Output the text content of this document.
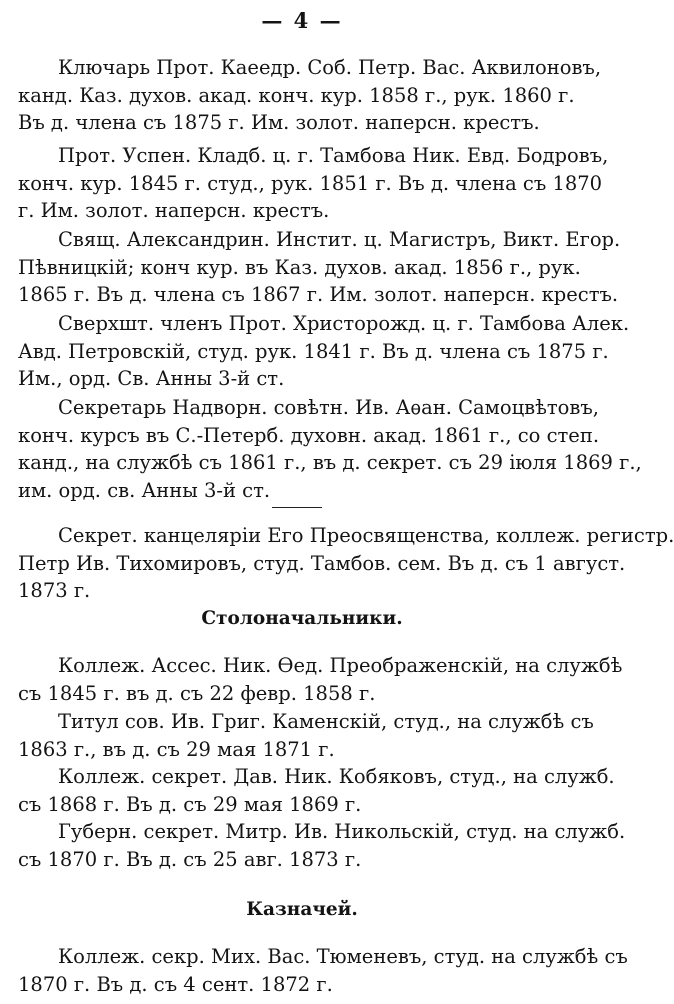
— 4 —
Ключарь Прот. Каеедр. Соб. Петр. Вас. Аквилоновъ,
канд. Каз. духов. акад. конч. кур. 1858 г., рук. 1860 г.
Въ д. члена съ 1875 г. Им. золот. наперсн. крестъ.
Прот. Успен. Кладб. ц. г. Тамбова Ник. Евд. Бодровъ,
конч. кур. 1845 г. студ., рук. 1851 г. Въ д. члена съ 1870
г. Им. золот. наперсн. крестъ.
Свящ. Александрин. Инстит. ц. Магистръ, Викт. Егор.
Пѣвницкій; конч кур. въ Каз. духов. акад. 1856 г., рук.
1865 г. Въ д. члена съ 1867 г. Им. золот. наперсн. крестъ.
Сверхшт. членъ Прот. Христорожд. ц. г. Тамбова Алек.
Авд. Петровскій, студ. рук. 1841 г. Въ д. члена съ 1875 г.
Им., орд. Св. Анны 3-й ст.
Секретарь Надворн. совѣтн. Ив. Аѳан. Самоцвѣтовъ,
конч. курсъ въ С.-Петерб. духовн. акад. 1861 г., со степ.
канд., на службѣ съ 1861 г., въ д. секрет. съ 29 іюля 1869 г.,
им. орд. св. Анны 3-й ст.
Секрет. канцеляріи Его Преосвященства, коллеж. регистр.
Петр Ив. Тихомировъ, студ. Тамбов. сем. Въ д. съ 1 август.
1873 г.
Столоначальники.
Коллеж. Ассес. Ник. Ѳед. Преображенскій, на службѣ
съ 1845 г. въ д. съ 22 февр. 1858 г.
Титул сов. Ив. Григ. Каменскій, студ., на службѣ съ
1863 г., въ д. съ 29 мая 1871 г.
Коллеж. секрет. Дав. Ник. Кобяковъ, студ., на служб.
съ 1868 г. Въ д. съ 29 мая 1869 г.
Губерн. секрет. Митр. Ив. Никольскій, студ. на служб.
съ 1870 г. Въ д. съ 25 авг. 1873 г.
Казначей.
Коллеж. секр. Мих. Вас. Тюменевъ, студ. на службѣ съ
1870 г. Въ д. съ 4 сент. 1872 г.
